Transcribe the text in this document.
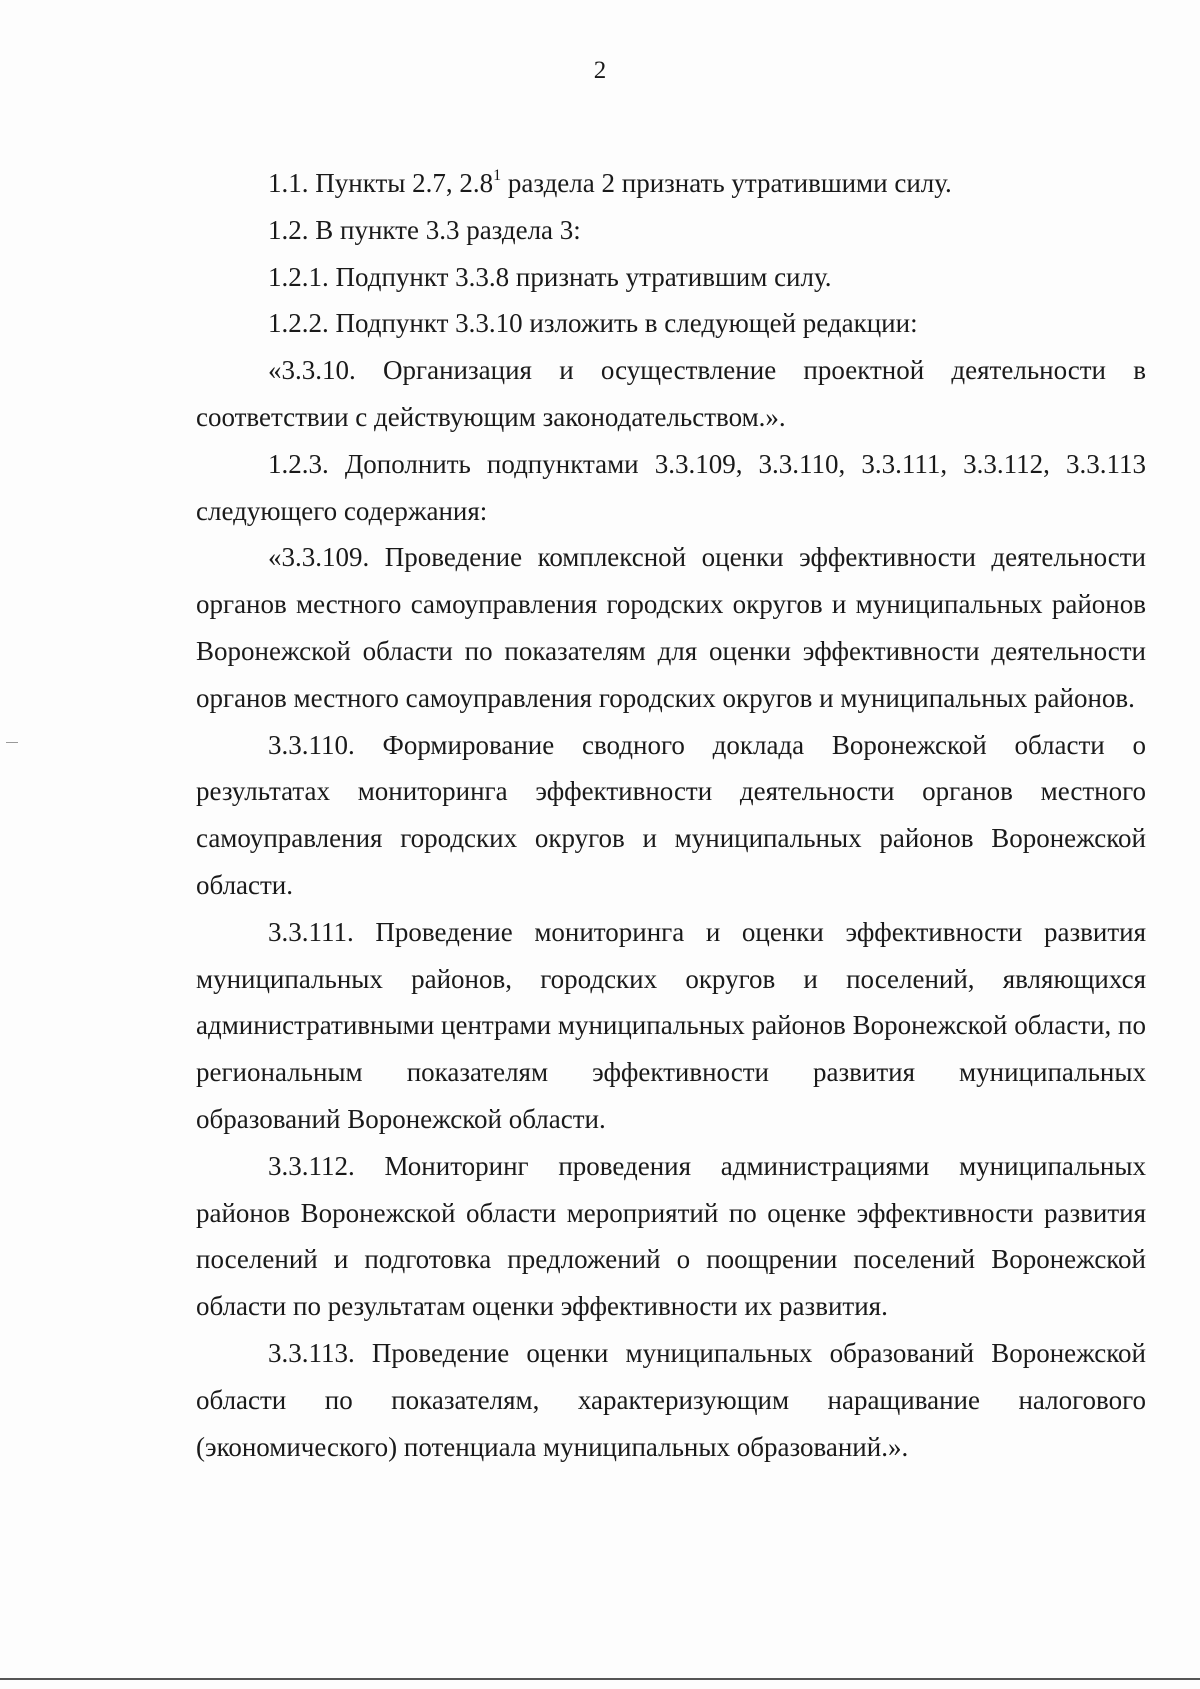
2

1.1. Пункты 2.7, $2.8^1$ раздела 2 признать утратившими силу.

1.2. В пункте 3.3 раздела 3:

1.2.1. Подпункт 3.3.8 признать утратившим силу.

1.2.2. Подпункт 3.3.10 изложить в следующей редакции:

«3.3.10. Организация и осуществление проектной деятельности в соответствии с действующим законодательством.».

1.2.3. Дополнить подпунктами 3.3.109, 3.3.110, 3.3.111, 3.3.112, 3.3.113 следующего содержания:

«3.3.109. Проведение комплексной оценки эффективности деятельности органов местного самоуправления городских округов и муниципальных районов Воронежской области по показателям для оценки эффективности деятельности органов местного самоуправления городских округов и муниципальных районов.

3.3.110. Формирование сводного доклада Воронежской области о результатах мониторинга эффективности деятельности органов местного самоуправления городских округов и муниципальных районов Воронежской области.

3.3.111. Проведение мониторинга и оценки эффективности развития муниципальных районов, городских округов и поселений, являющихся административными центрами муниципальных районов Воронежской области, по региональным показателям эффективности развития муниципальных образований Воронежской области.

3.3.112. Мониторинг проведения администрациями муниципальных районов Воронежской области мероприятий по оценке эффективности развития поселений и подготовка предложений о поощрении поселений Воронежской области по результатам оценки эффективности их развития.

3.3.113. Проведение оценки муниципальных образований Воронежской области по показателям, характеризующим наращивание налогового (экономического) потенциала муниципальных образований.».
